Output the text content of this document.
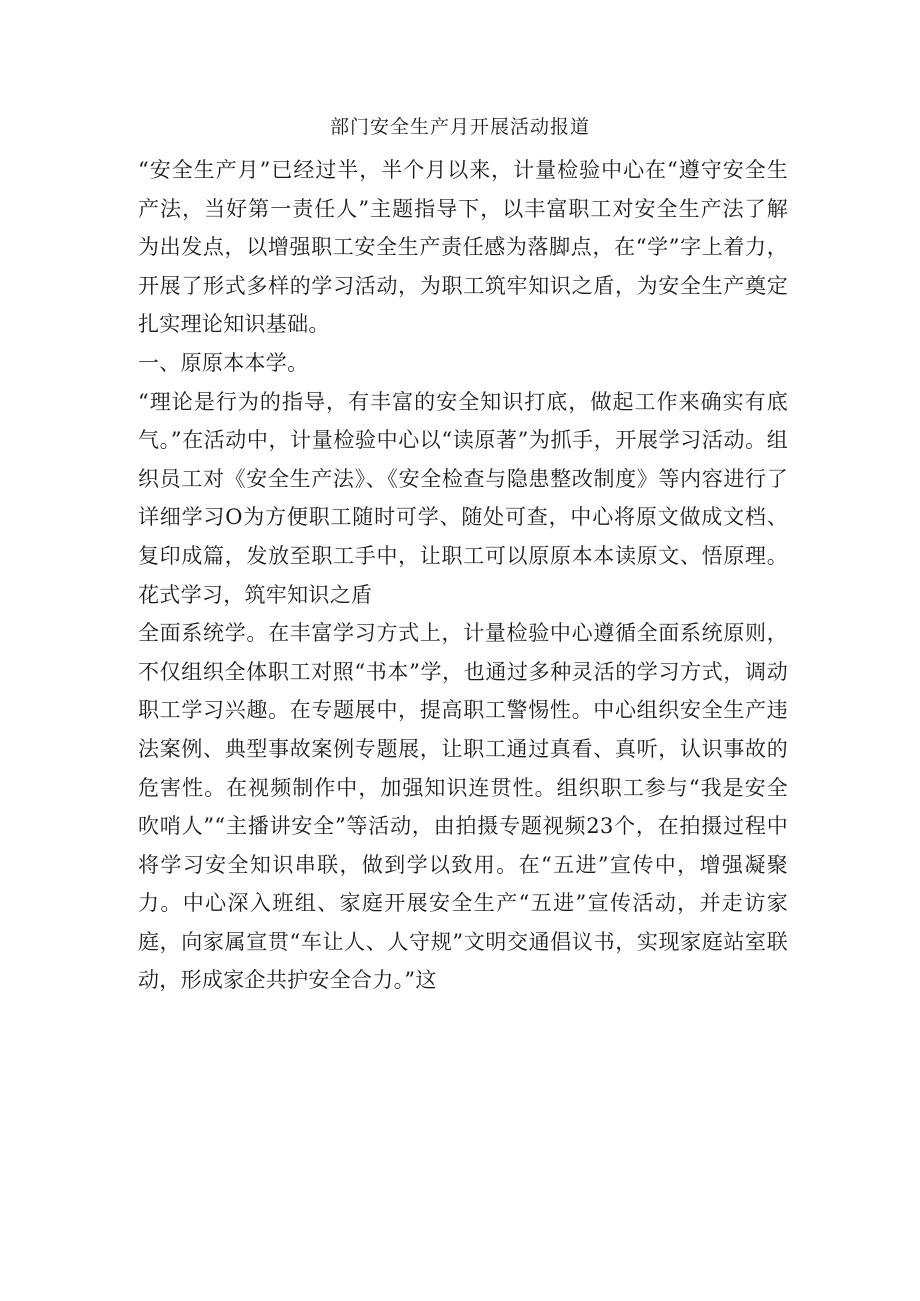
部门安全生产月开展活动报道

“安全生产月”已经过半，半个月以来，计量检验中心在“遵守安全生产法，当好第一责任人”主题指导下，以丰富职工对安全生产法了解为出发点，以增强职工安全生产责任感为落脚点，在“学”字上着力，开展了形式多样的学习活动，为职工筑牢知识之盾，为安全生产奠定扎实理论知识基础。

一、原原本本学。

“理论是行为的指导，有丰富的安全知识打底，做起工作来确实有底气。”在活动中，计量检验中心以“读原著”为抓手，开展学习活动。组织员工对《安全生产法》、《安全检查与隐患整改制度》等内容进行了详细学习O为方便职工随时可学、随处可查，中心将原文做成文档、复印成篇，发放至职工手中，让职工可以原原本本读原文、悟原理。花式学习，筑牢知识之盾

全面系统学。在丰富学习方式上，计量检验中心遵循全面系统原则，不仅组织全体职工对照“书本”学，也通过多种灵活的学习方式，调动职工学习兴趣。在专题展中，提高职工警惕性。中心组织安全生产违法案例、典型事故案例专题展，让职工通过真看、真听，认识事故的危害性。在视频制作中，加强知识连贯性。组织职工参与“我是安全吹哨人”“主播讲安全”等活动，由拍摄专题视频23个，在拍摄过程中将学习安全知识串联，做到学以致用。在“五进”宣传中，增强凝聚力。中心深入班组、家庭开展安全生产“五进”宣传活动，并走访家庭，向家属宣贯“车让人、人守规”文明交通倡议书，实现家庭站室联动，形成家企共护安全合力。”这
